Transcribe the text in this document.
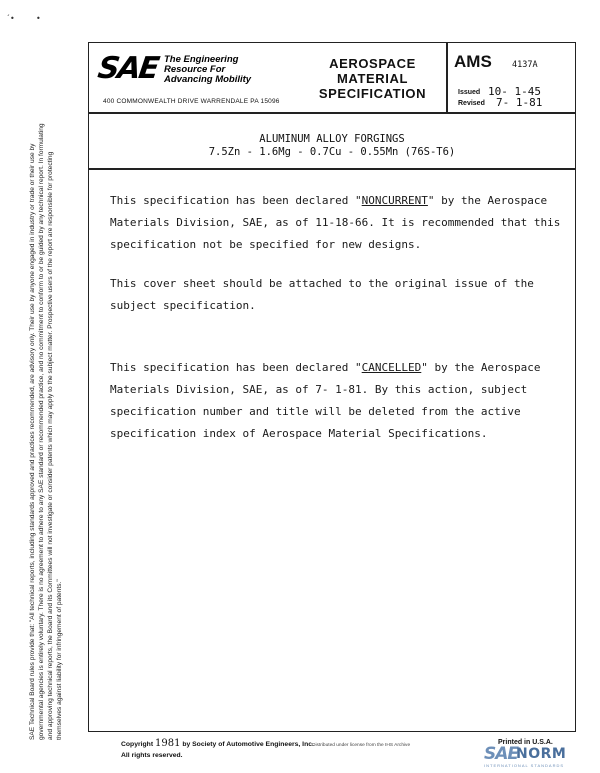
´•	•
SAE The Engineering
Resource For
Advancing Mobility
400 COMMONWEALTH DRIVE WARRENDALE PA 15096
AEROSPACE
MATERIAL
SPECIFICATION
AMS 4137A
Issued 10- 1-45
Revised 7- 1-81
ALUMINUM ALLOY FORGINGS
7.5Zn - 1.6Mg - 0.7Cu - 0.55Mn (76S-T6)
This specification has been declared "NONCURRENT" by the Aerospace Materials Division, SAE, as of 11-18-66. It is recommended that this specification not be specified for new designs.
This cover sheet should be attached to the original issue of the subject specification.
This specification has been declared "CANCELLED" by the Aerospace Materials Division, SAE, as of 7- 1-81. By this action, subject specification number and title will be deleted from the active specification index of Aerospace Material Specifications.
SAE Technical Board rules provide that: "All technical reports, including standards approved and practices recommended, are advisory only. Their use by anyone engaged in industry or trade or their use by governmental agencies is entirely voluntary. There is no agreement to adhere to any SAE standard or recommended practice, and no commitment to conform to or be guided by any technical report. In formulating and approving technical reports, the Board and its Committees will not investigate or consider patents which may apply to the subject matter. Prospective users of the report are responsible for protecting themselves against liability for infringement of patents."
Copyright 1981 by Society of Automotive Engineers, Inc.
All rights reserved.
Distributed under license from the IHS Archive	Printed in U.S.A.
SAE
NORM
INTERNATIONAL STANDARDS
